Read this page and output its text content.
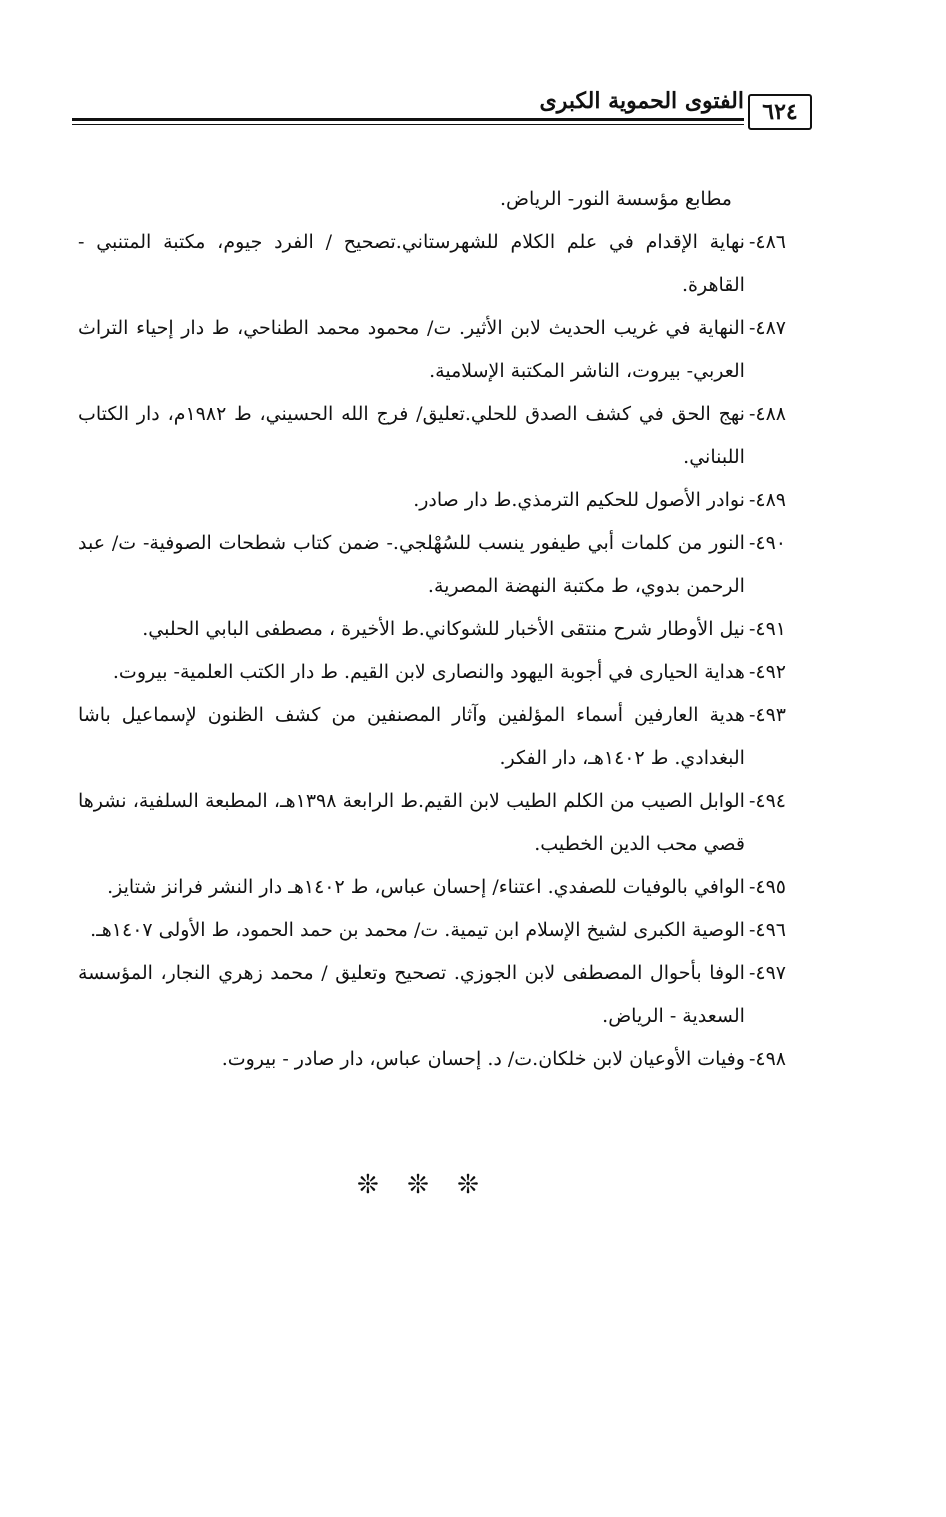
٦٢٤
الفتوى الحموية الكبرى
مطابع مؤسسة النور- الرياض.
٤٨٦
-
نهاية الإقدام في علم الكلام للشهرستاني.تصحيح / الفرد جيوم، مكتبة المتنبي - القاهرة.
٤٨٧
-
النهاية في غريب الحديث لابن الأثير. ت/ محمود محمد الطناحي، ط دار إحياء التراث العربي- بيروت، الناشر المكتبة الإسلامية.
٤٨٨
-
نهج الحق في كشف الصدق للحلي.تعليق/ فرج الله الحسيني، ط ١٩٨٢م، دار الكتاب اللبناني.
٤٨٩
-
نوادر الأصول للحكيم الترمذي.ط دار صادر.
٤٩٠
-
النور من كلمات أبي طيفور ينسب للسُهْلجي.- ضمن كتاب شطحات الصوفية- ت/ عبد الرحمن بدوي، ط مكتبة النهضة المصرية.
٤٩١
-
نيل الأوطار شرح منتقى الأخبار للشوكاني.ط الأخيرة ، مصطفى البابي الحلبي.
٤٩٢
-
هداية الحيارى في أجوبة اليهود والنصارى لابن القيم. ط دار الكتب العلمية- بيروت.
٤٩٣
-
هدية العارفين أسماء المؤلفين وآثار المصنفين من كشف الظنون لإسماعيل باشا البغدادي. ط ١٤٠٢هـ، دار الفكر.
٤٩٤
-
الوابل الصيب من الكلم الطيب لابن القيم.ط الرابعة ١٣٩٨هـ، المطبعة السلفية، نشرها قصي محب الدين الخطيب.
٤٩٥
-
الوافي بالوفيات للصفدي. اعتناء/ إحسان عباس، ط ١٤٠٢هـ دار النشر فرانز شتايز.
٤٩٦
-
الوصية الكبرى لشيخ الإسلام ابن تيمية. ت/ محمد بن حمد الحمود، ط الأولى ١٤٠٧هـ.
٤٩٧
-
الوفا بأحوال المصطفى لابن الجوزي. تصحيح وتعليق / محمد زهري النجار، المؤسسة السعدية - الرياض.
٤٩٨
-
وفيات الأوعيان لابن خلكان.ت/ د. إحسان عباس، دار صادر - بيروت.
❊ ❊ ❊
